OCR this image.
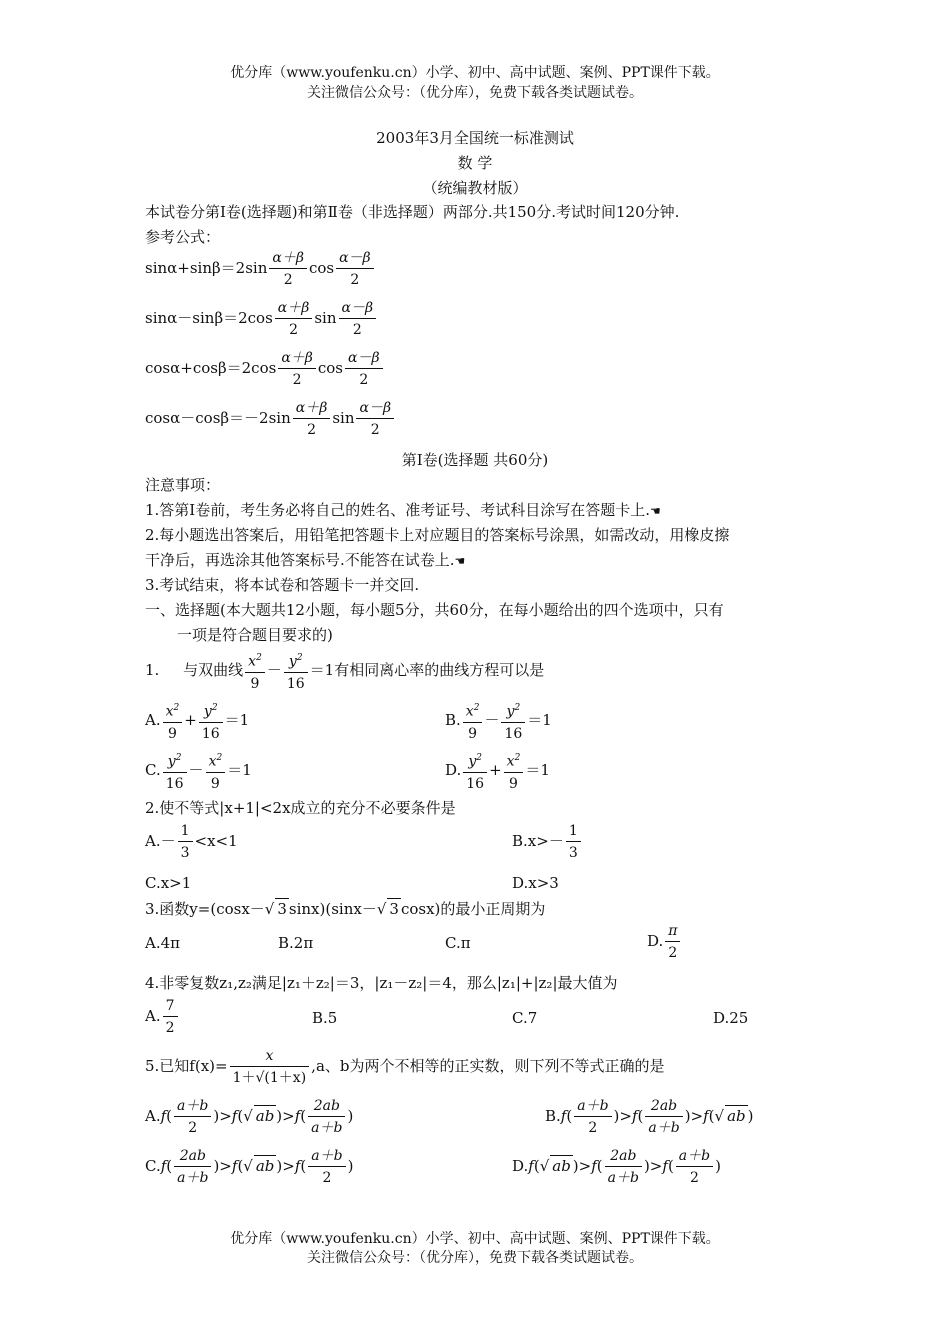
优分库（www.youfenku.cn）小学、初中、高中试题、案例、PPT课件下载。
关注微信公众号：（优分库），免费下载各类试题试卷。
2003年3月全国统一标准测试
数 学
（统编教材版）
本试卷分第Ⅰ卷(选择题)和第Ⅱ卷（非选择题）两部分.共150分.考试时间120分钟.
参考公式：
$\sin\alpha+\sin\beta=2\sin \frac{\alpha+\beta}{2}$ $\cos \frac{\alpha-\beta}{2}$
$\sin\alpha-\sin\beta=2\cos \frac{\alpha+\beta}{2}$ $\sin \frac{\alpha-\beta}{2}$
$\cos\alpha+\cos\beta=2\cos \frac{\alpha+\beta}{2}$ $\cos \frac{\alpha-\beta}{2}$
$\cos\alpha-\cos\beta=-2\sin \frac{\alpha+\beta}{2}$ $\sin \frac{\alpha-\beta}{2}$
第Ⅰ卷(选择题 共60分)
注意事项：
1.答第Ⅰ卷前，考生务必将自己的姓名、准考证号、考试科目涂写在答题卡上.☚
2.每小题选出答案后，用铅笔把答题卡上对应题目的答案标号涂黑，如需改动，用橡皮擦
干净后，再选涂其他答案标号.不能答在试卷上.☚
3.考试结束，将本试卷和答题卡一并交回.
一、选择题(本大题共12小题，每小题5分，共60分，在每小题给出的四个选项中，只有
一项是符合题目要求的)
1. 与双曲线 $\frac{x^2}{9} - \frac{y^2}{16} =1$有相同离心率的曲线方程可以是
A. $\frac{x^2}{9} + \frac{y^2}{16} =1$	B. $\frac{x^2}{9} - \frac{y^2}{16} =1$
C. $\frac{y^2}{16} - \frac{x^2}{9} =1$	D. $\frac{y^2}{16} + \frac{x^2}{9} =1$
2.使不等式|x+1|<2x成立的充分不必要条件是
$A.- \frac{1}{3} <x<1$	$B.x>- \frac{1}{3}$
C.x>1	D.x>3
3.函数y=(cosx－√ 3 sinx)(sinx－√ 3 cosx)的最小正周期为
A.4π	B.2π	C.π	D. $\frac{\pi}{2}$
4.非零复数z₁,z₂满足|z₁＋z₂|＝3，|z₁－z₂|＝4，那么|z₁|+|z₂|最大值为
A. $\frac{7}{2}$	B.5	C.7	D.25
5.已知$f(x)= \frac{x}{1+√(1+x)} ,a$、b为两个不相等的正实数，则下列不等式正确的是
$A.f( \frac{a+b}{2} )>f(√$ ab )$>f( \frac{2ab}{a+b}$ )	$B.f( \frac{a+b}{2} )>f( \frac{2ab}{a+b} )>f(√$ ab )
$C.f( \frac{2ab}{a+b} )>f(√$ ab )$>f( \frac{a+b}{2}$ )	D.f(√ ab )$>f( \frac{2ab}{a+b} )>f( \frac{a+b}{2}$ )
优分库（www.youfenku.cn）小学、初中、高中试题、案例、PPT课件下载。
关注微信公众号：（优分库），免费下载各类试题试卷。
